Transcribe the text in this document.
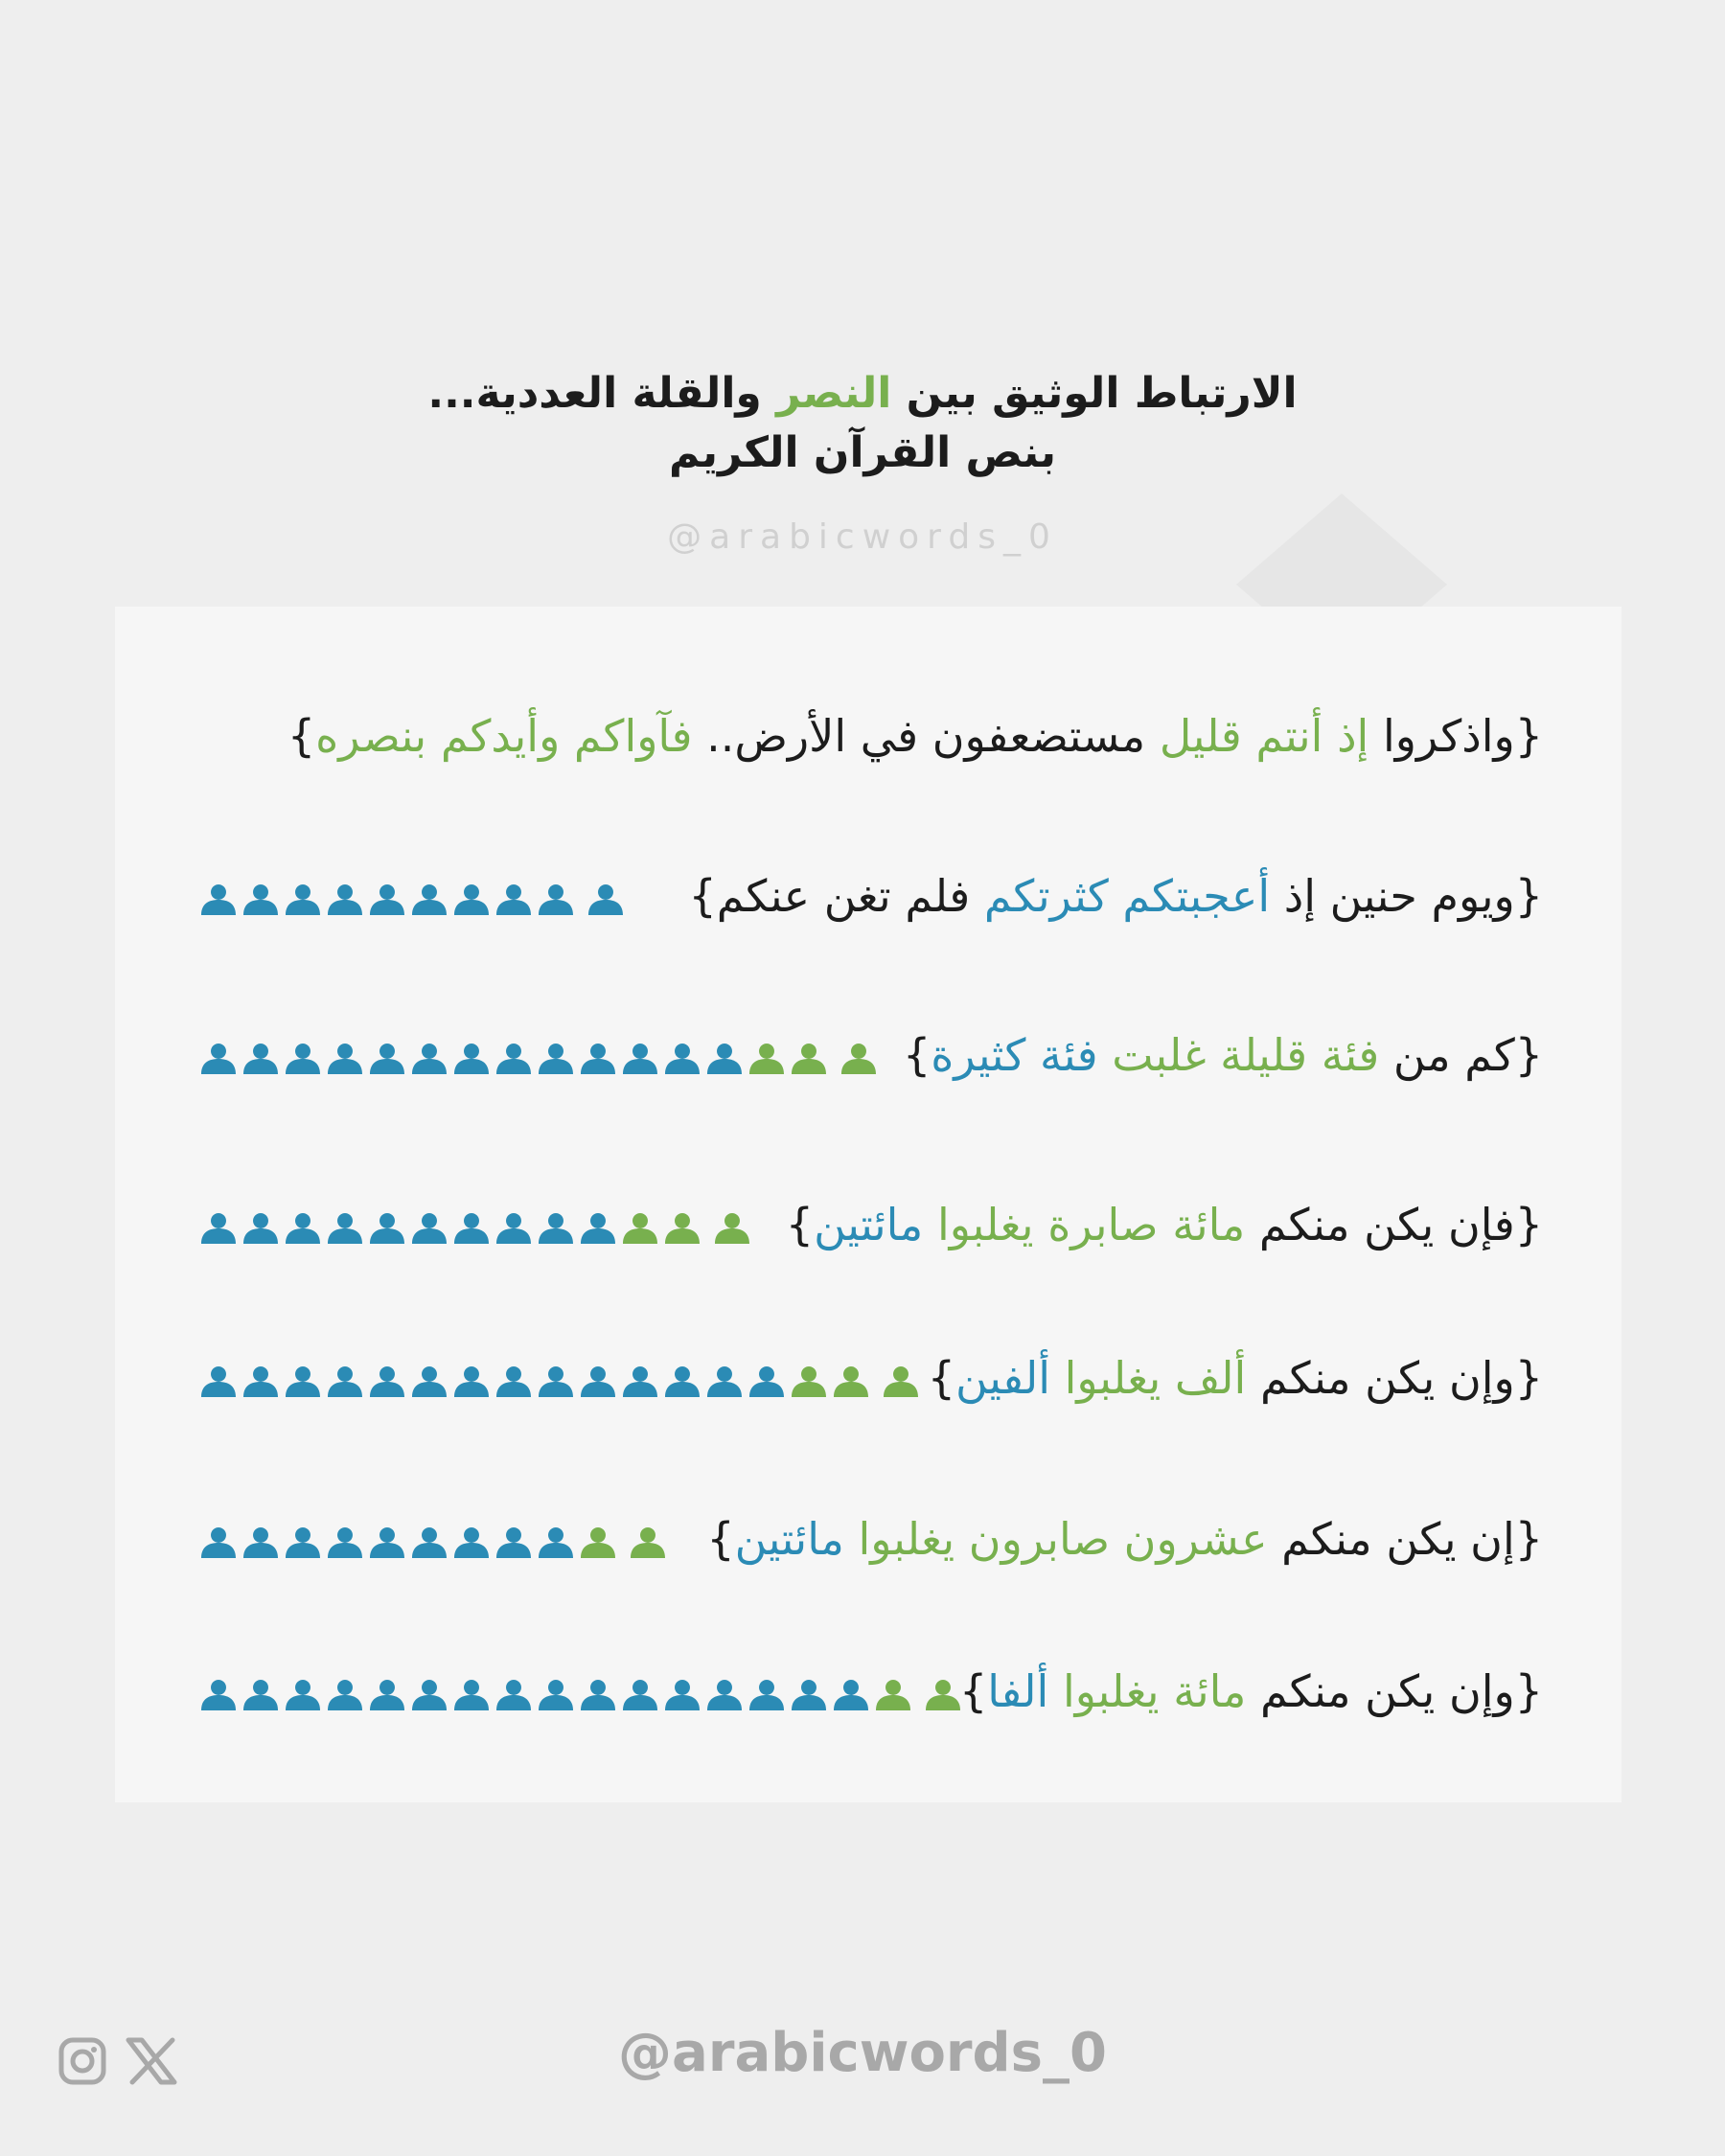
الارتباط الوثيق بين النصر والقلة العددية...
بنص القرآن الكريم
@arabicwords_0
{واذكروا إذ أنتم قليل مستضعفون في الأرض.. فآواكم وأيدكم بنصره}
{ويوم حنين إذ أعجبتكم كثرتكم فلم تغن عنكم}
{كم من فئة قليلة غلبت فئة كثيرة}
{فإن يكن منكم مائة صابرة يغلبوا مائتين}
{وإن يكن منكم ألف يغلبوا ألفين}
{إن يكن منكم عشرون صابرون يغلبوا مائتين}
{وإن يكن منكم مائة يغلبوا ألفا}
@arabicwords_0
